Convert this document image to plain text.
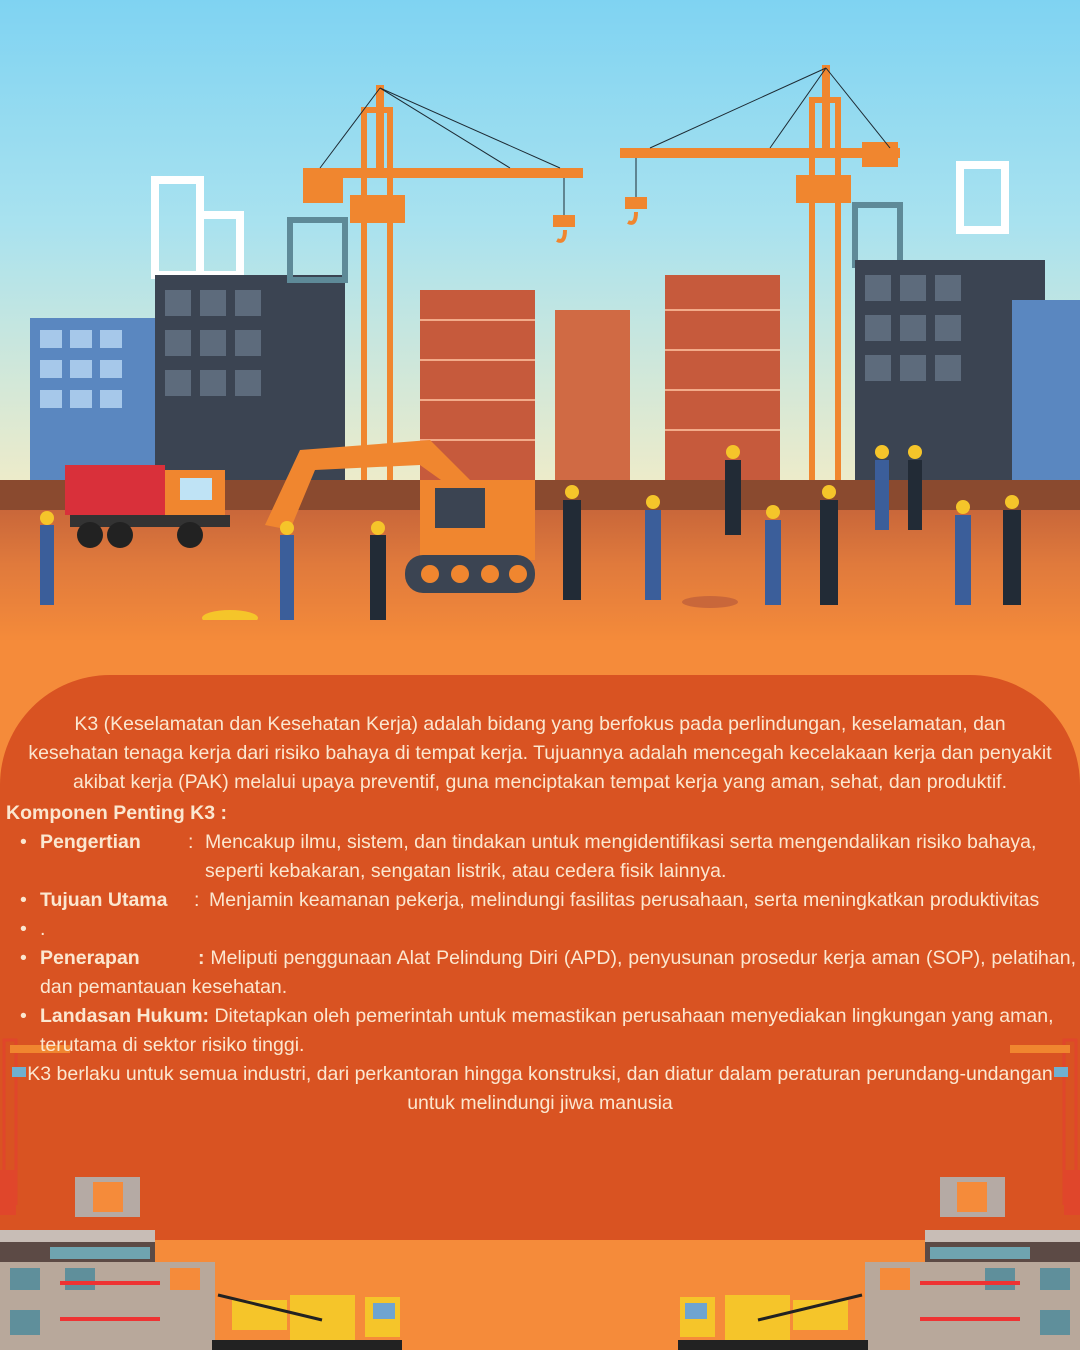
K3 (Keselamatan dan Kesehatan Kerja) adalah bidang yang berfokus pada perlindungan, keselamatan, dan kesehatan tenaga kerja dari risiko bahaya di tempat kerja. Tujuannya adalah mencegah kecelakaan kerja dan penyakit akibat kerja (PAK) melalui upaya preventif, guna menciptakan tempat kerja yang aman, sehat, dan produktif.
Komponen Penting K3 :
• Pengertian	: Mencakup ilmu, sistem, dan tindakan untuk mengidentifikasi serta mengendalikan risiko bahaya, seperti kebakaran, sengatan listrik, atau cedera fisik lainnya.
• Tujuan Utama	: Menjamin keamanan pekerja, melindungi fasilitas perusahaan, serta meningkatkan produktivitas
• .
• Penerapan	: Meliputi penggunaan Alat Pelindung Diri (APD), penyusunan prosedur kerja aman (SOP), pelatihan, dan pemantauan kesehatan.
• Landasan Hukum: Ditetapkan oleh pemerintah untuk memastikan perusahaan menyediakan lingkungan yang aman, terutama di sektor risiko tinggi.
K3 berlaku untuk semua industri, dari perkantoran hingga konstruksi, dan diatur dalam peraturan perundang-undangan untuk melindungi jiwa manusia
